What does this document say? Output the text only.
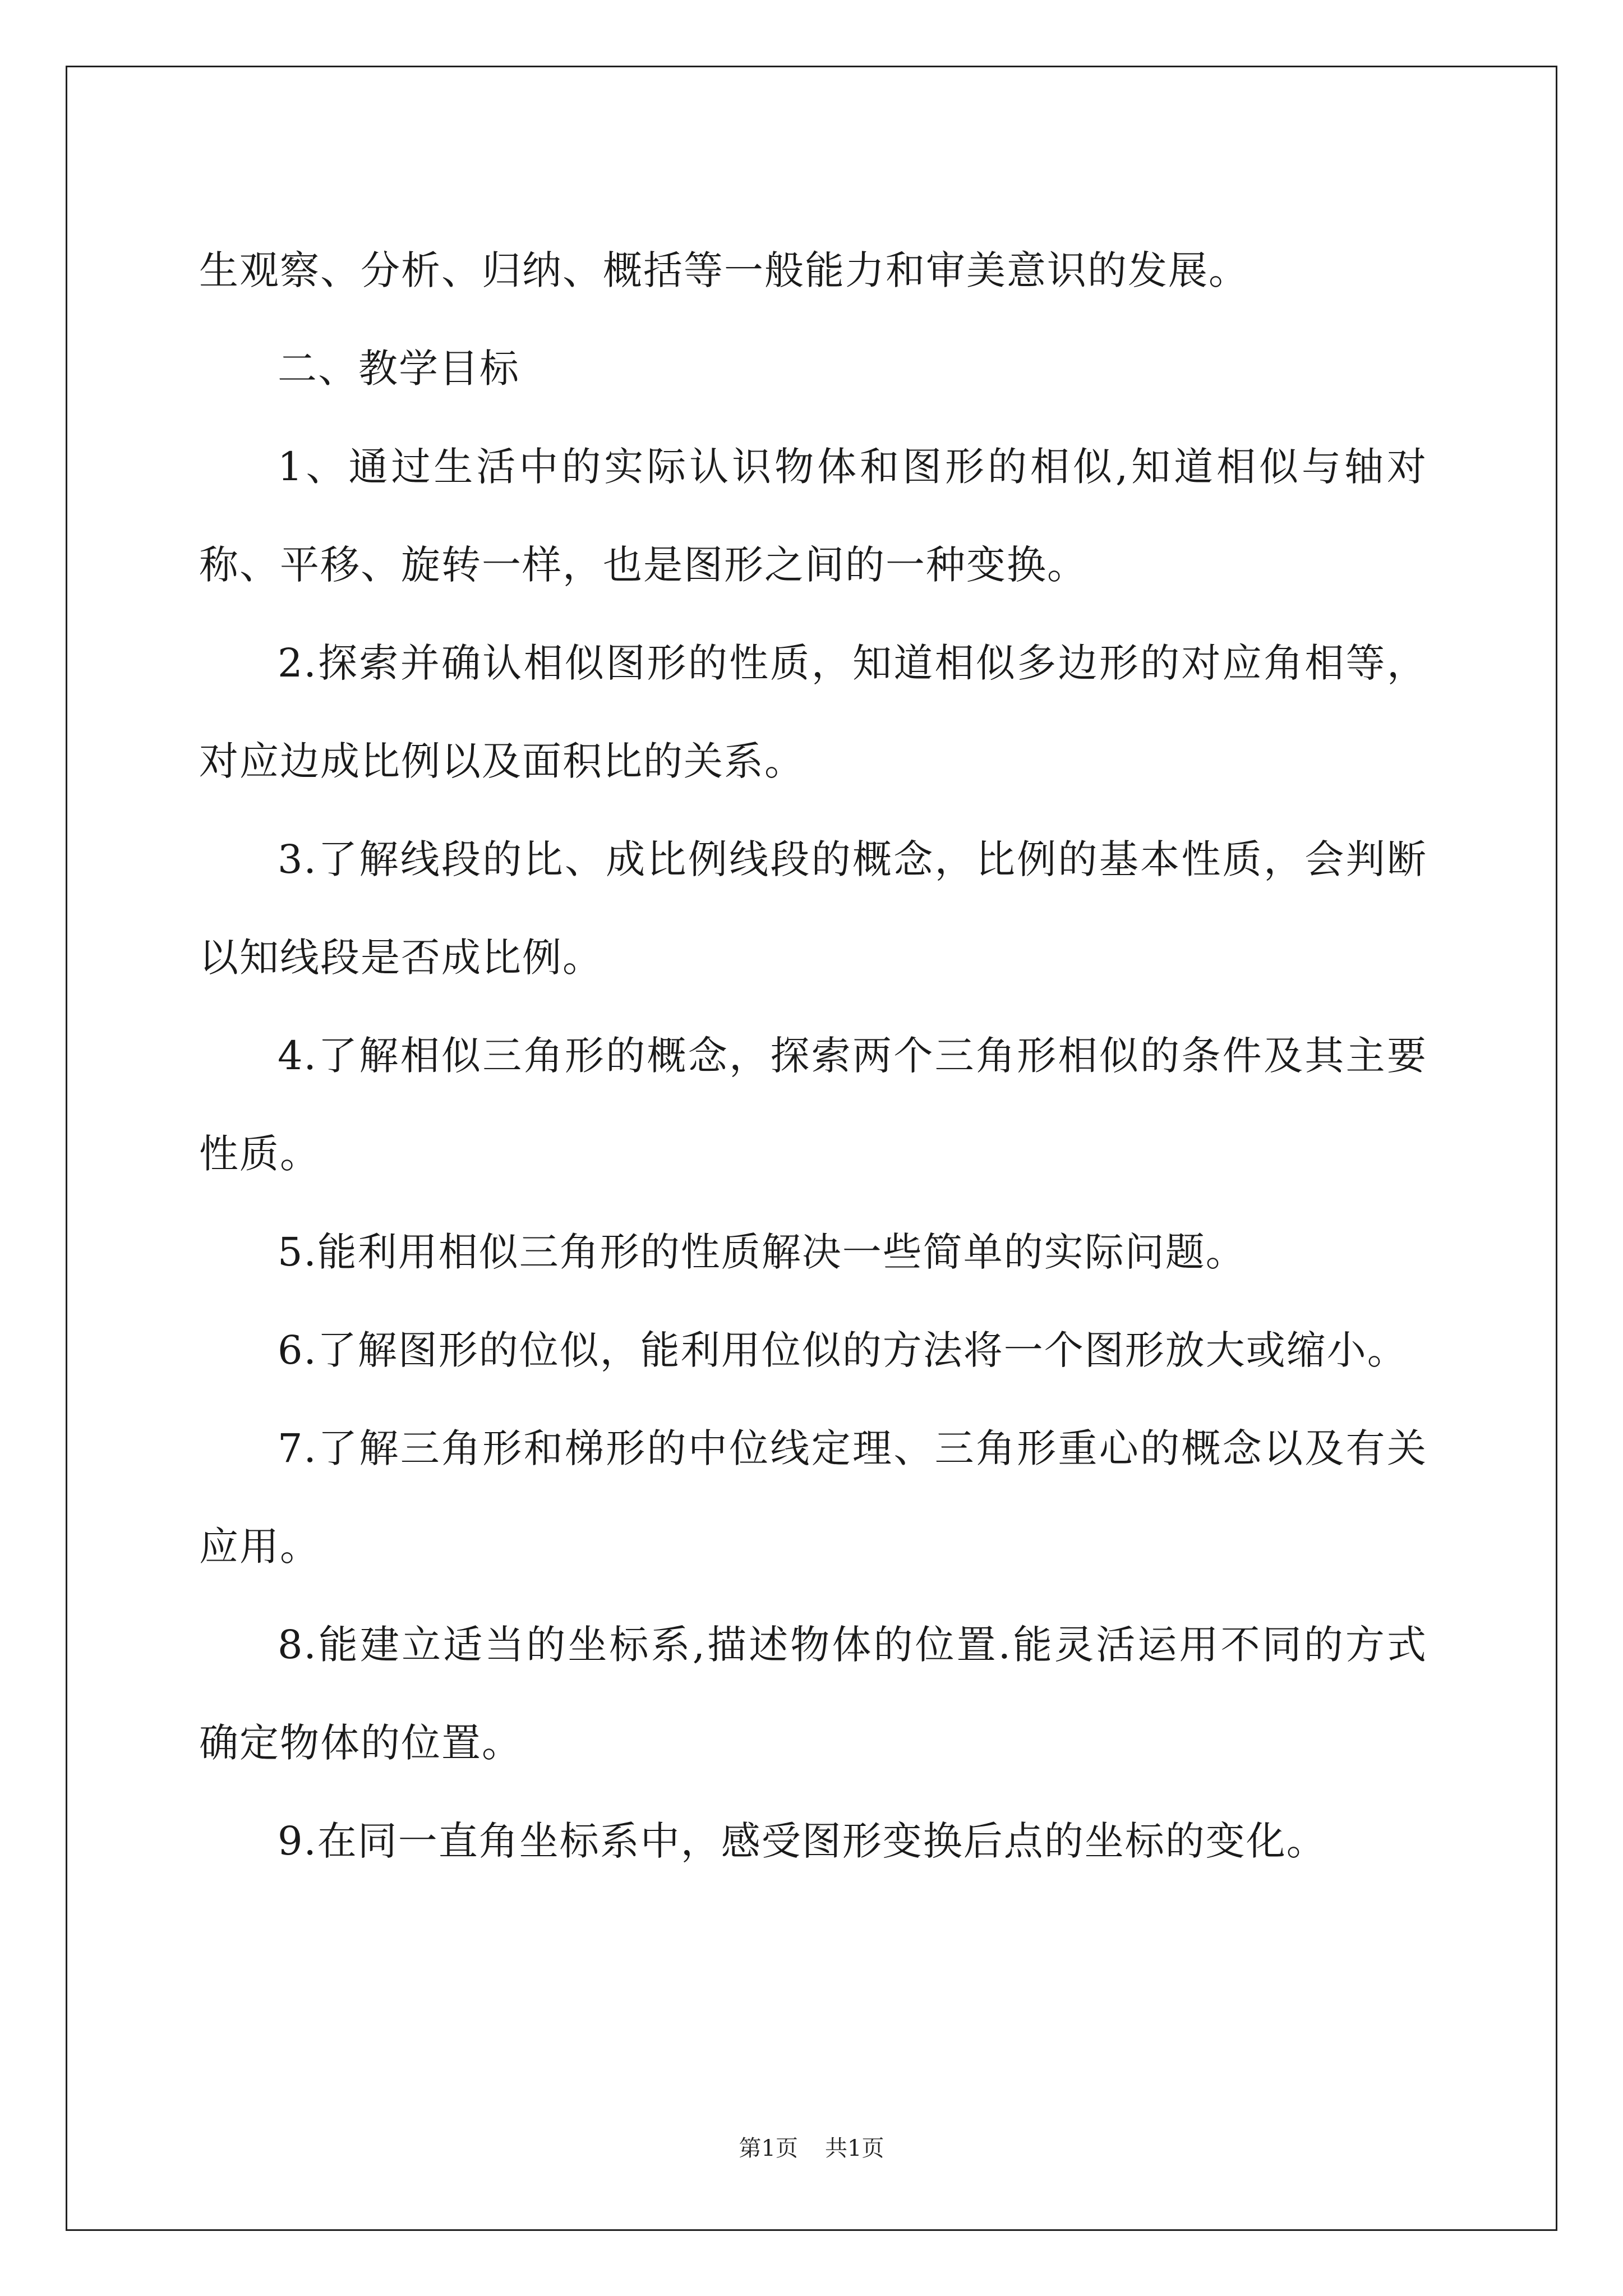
生观察、分析、归纳、概括等一般能力和审美意识的发展。

二、教学目标

1、通过生活中的实际认识物体和图形的相似,知道相似与轴对称、平移、旋转一样，也是图形之间的一种变换。

2.探索并确认相似图形的性质，知道相似多边形的对应角相等，对应边成比例以及面积比的关系。

3.了解线段的比、成比例线段的概念，比例的基本性质，会判断以知线段是否成比例。

4.了解相似三角形的概念，探索两个三角形相似的条件及其主要性质。

5.能利用相似三角形的性质解决一些简单的实际问题。

6.了解图形的位似，能利用位似的方法将一个图形放大或缩小。

7.了解三角形和梯形的中位线定理、三角形重心的概念以及有关应用。

8.能建立适当的坐标系,描述物体的位置.能灵活运用不同的方式确定物体的位置。

9.在同一直角坐标系中，感受图形变换后点的坐标的变化。

第1页 共1页
